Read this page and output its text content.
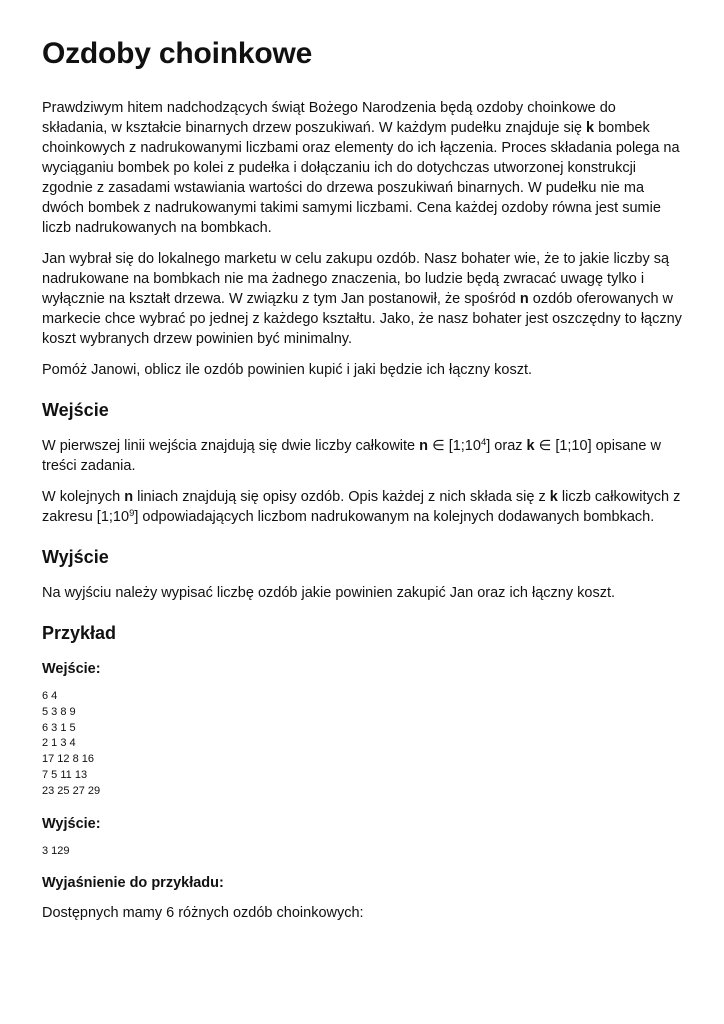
Ozdoby choinkowe

Prawdziwym hitem nadchodzących świąt Bożego Narodzenia będą ozdoby choinkowe do składania, w kształcie binarnych drzew poszukiwań. W każdym pudełku znajduje się k bombek choinkowych z nadrukowanymi liczbami oraz elementy do ich łączenia. Proces składania polega na wyciąganiu bombek po kolei z pudełka i dołączaniu ich do dotychczas utworzonej konstrukcji zgodnie z zasadami wstawiania wartości do drzewa poszukiwań binarnych. W pudełku nie ma dwóch bombek z nadrukowanymi takimi samymi liczbami. Cena każdej ozdoby równa jest sumie liczb nadrukowanych na bombkach.

Jan wybrał się do lokalnego marketu w celu zakupu ozdób. Nasz bohater wie, że to jakie liczby są nadrukowane na bombkach nie ma żadnego znaczenia, bo ludzie będą zwracać uwagę tylko i wyłącznie na kształt drzewa. W związku z tym Jan postanowił, że spośród n ozdób oferowanych w markecie chce wybrać po jednej z każdego kształtu. Jako, że nasz bohater jest oszczędny to łączny koszt wybranych drzew powinien być minimalny.

Pomóż Janowi, oblicz ile ozdób powinien kupić i jaki będzie ich łączny koszt.

Wejście

W pierwszej linii wejścia znajdują się dwie liczby całkowite n ∈ $[1;10^4]$ oraz k ∈ [1;10] opisane w treści zadania.

W kolejnych n liniach znajdują się opisy ozdób. Opis każdej z nich składa się z k liczb całkowitych z zakresu $[1;10^9]$ odpowiadających liczbom nadrukowanym na kolejnych dodawanych bombkach.

Wyjście

Na wyjściu należy wypisać liczbę ozdób jakie powinien zakupić Jan oraz ich łączny koszt.

Przykład
Wejście:
6 4
5 3 8 9
6 3 1 5
2 1 3 4
17 12 8 16
7 5 11 13
23 25 27 29
Wyjście:
3 129
Wyjaśnienie do przykładu:

Dostępnych mamy 6 różnych ozdób choinkowych:
